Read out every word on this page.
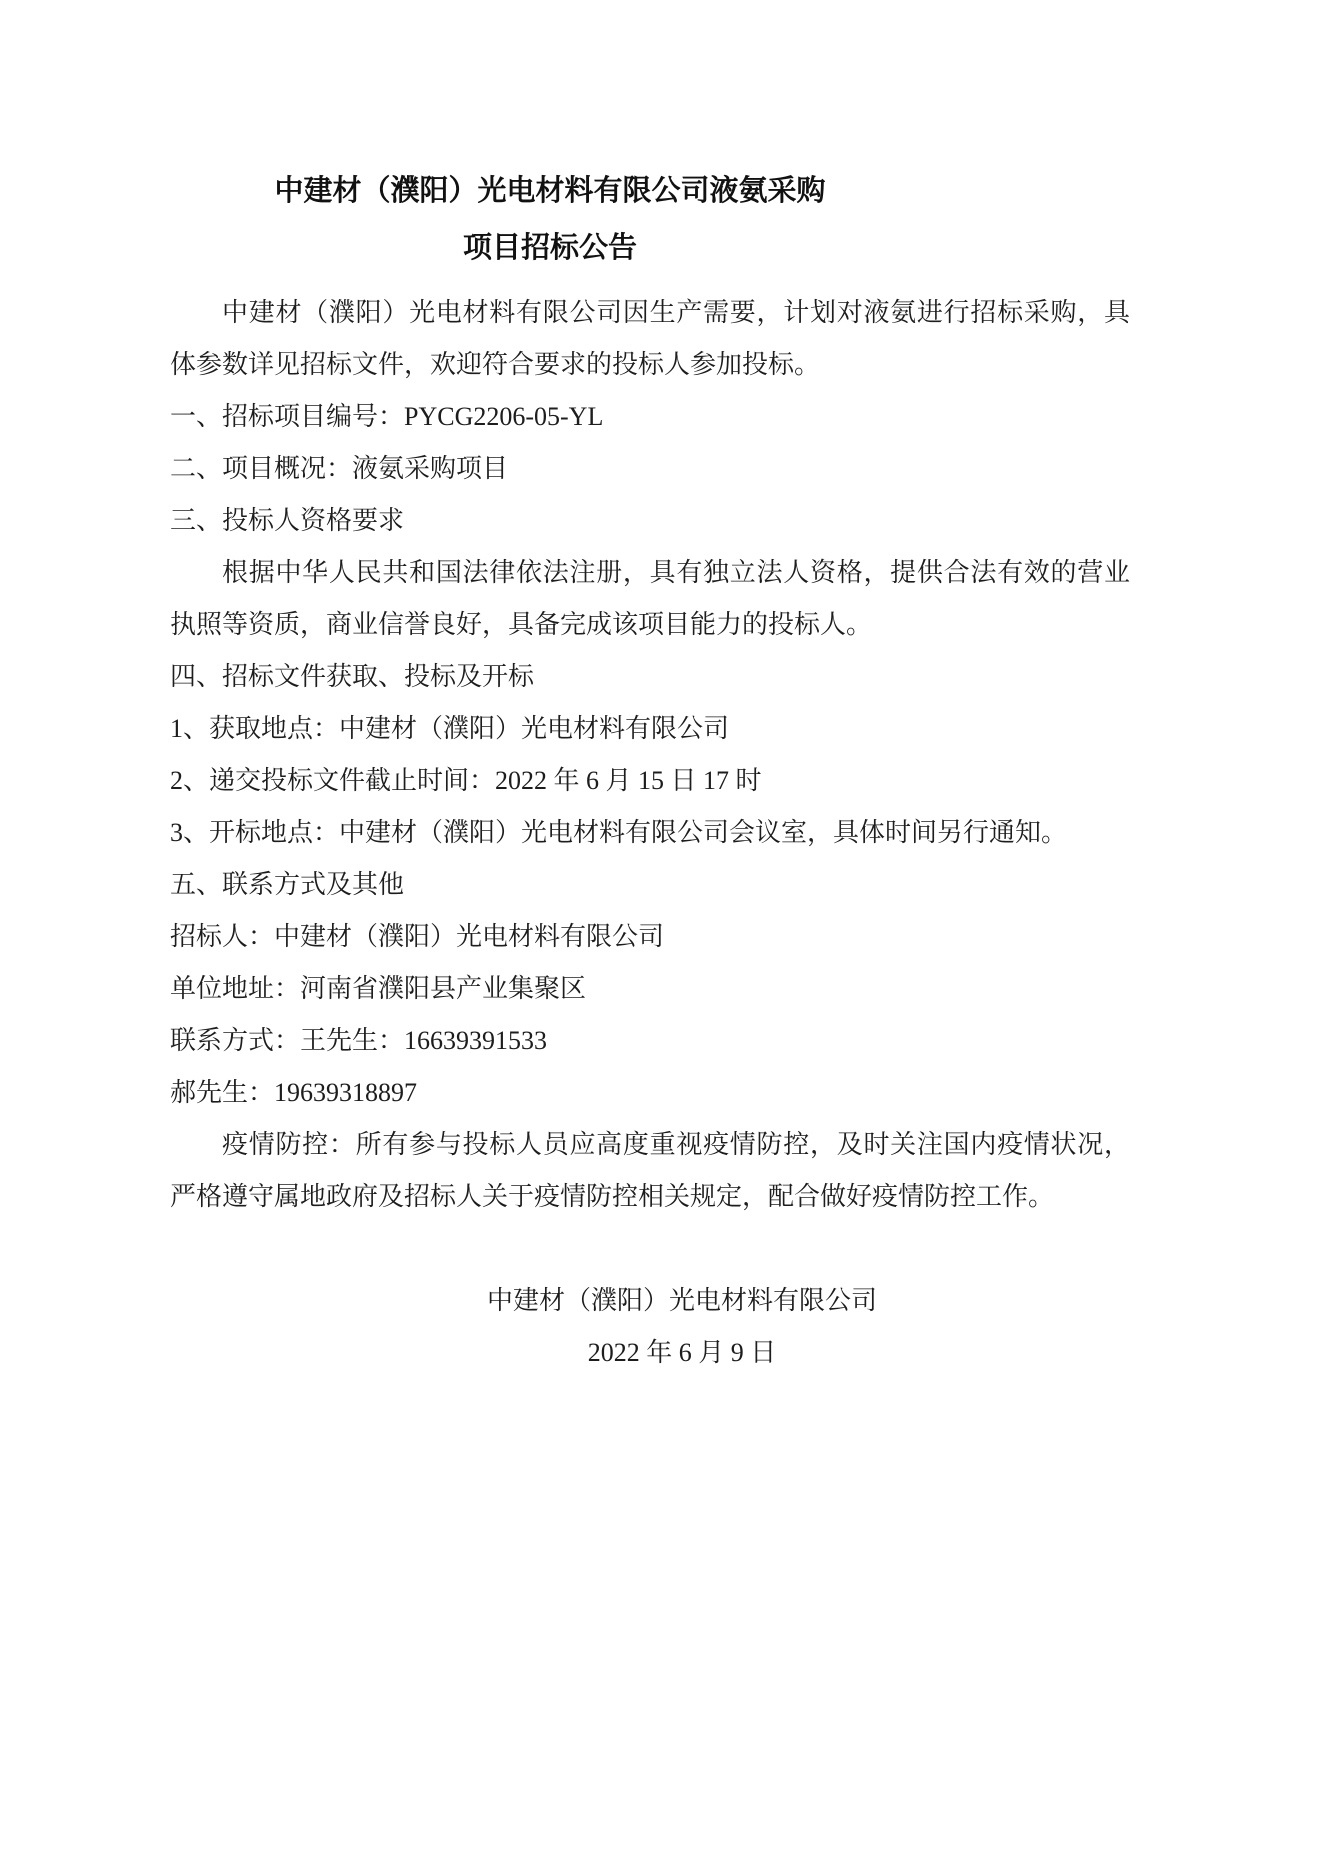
中建材（濮阳）光电材料有限公司液氨采购
项目招标公告

中建材（濮阳）光电材料有限公司因生产需要，计划对液氨进行招标采购，具体参数详见招标文件，欢迎符合要求的投标人参加投标。

一、招标项目编号：PYCG2206-05-YL

二、项目概况：液氨采购项目

三、投标人资格要求

根据中华人民共和国法律依法注册，具有独立法人资格，提供合法有效的营业执照等资质，商业信誉良好，具备完成该项目能力的投标人。

四、招标文件获取、投标及开标

1、获取地点：中建材（濮阳）光电材料有限公司

2、递交投标文件截止时间：2022 年 6 月 15 日 17 时

3、开标地点：中建材（濮阳）光电材料有限公司会议室，具体时间另行通知。

五、联系方式及其他

招标人：中建材（濮阳）光电材料有限公司

单位地址：河南省濮阳县产业集聚区

联系方式：王先生：16639391533

郝先生：19639318897

疫情防控：所有参与投标人员应高度重视疫情防控，及时关注国内疫情状况，严格遵守属地政府及招标人关于疫情防控相关规定，配合做好疫情防控工作。

中建材（濮阳）光电材料有限公司
2022 年 6 月 9 日
